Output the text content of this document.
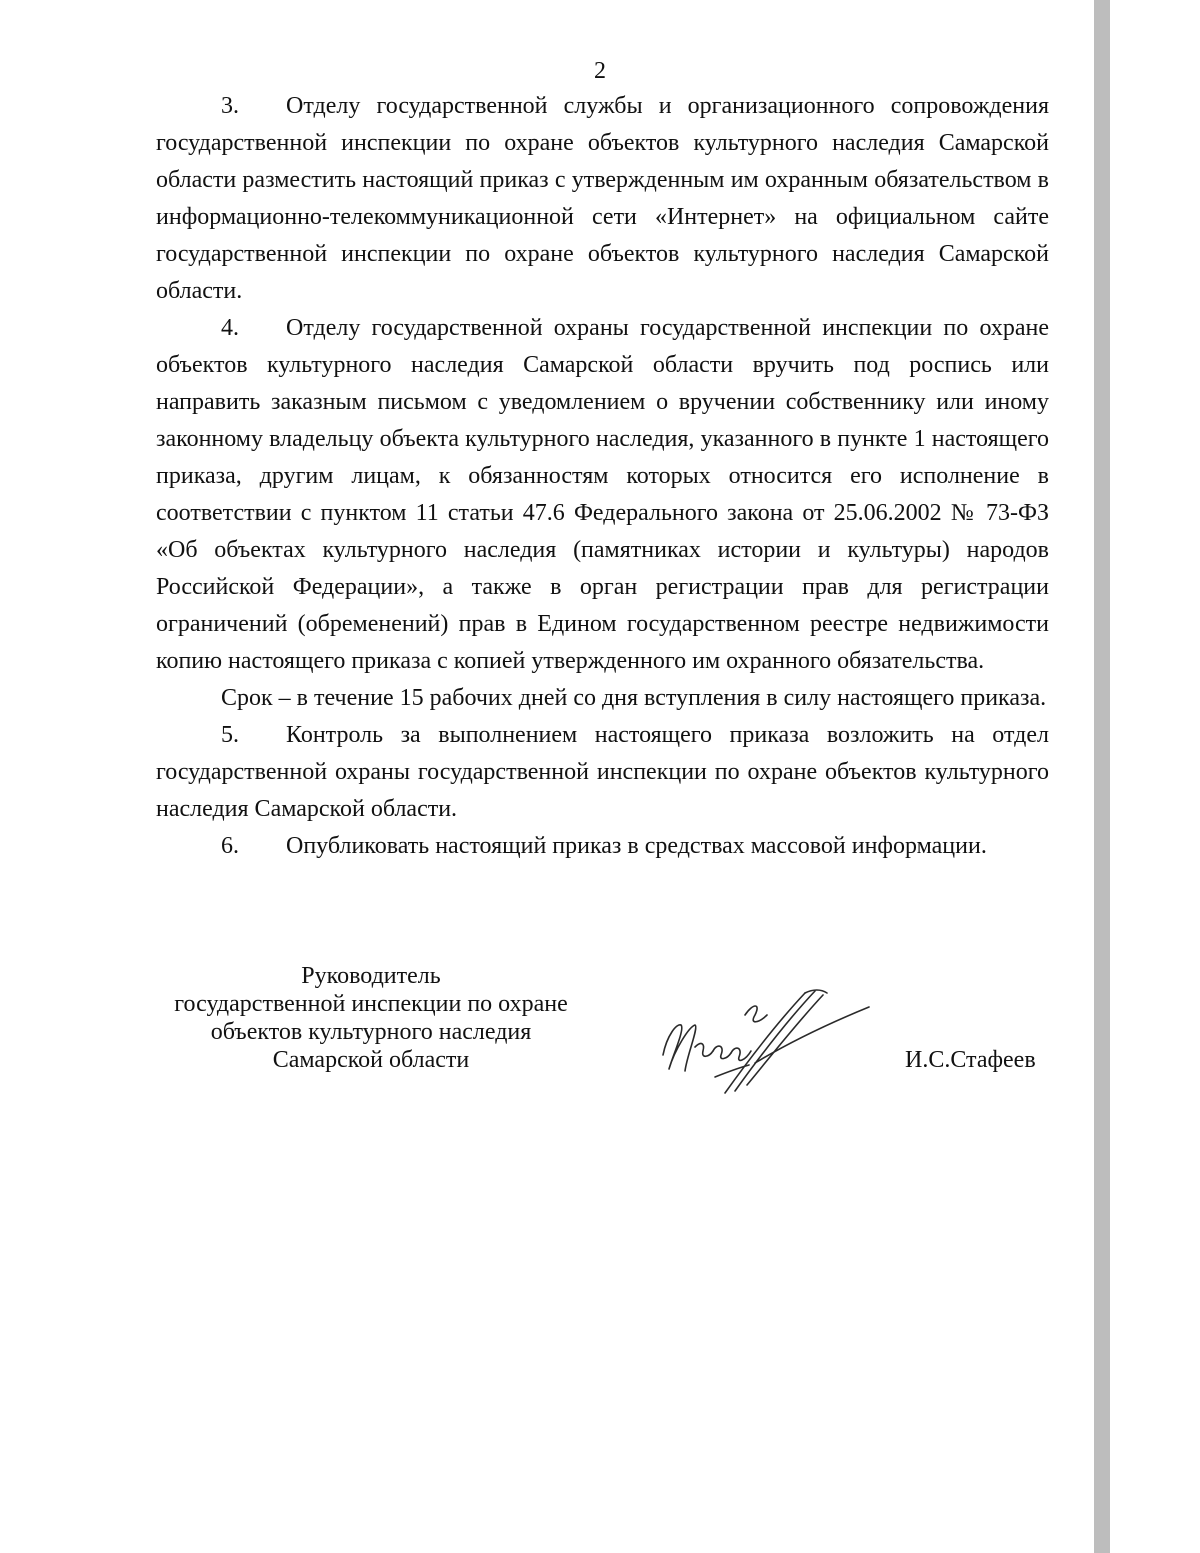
2

3. Отделу государственной службы и организационного сопровождения государственной инспекции по охране объектов культурного наследия Самарской области разместить настоящий приказ с утвержденным им охранным обязательством в информационно-телекоммуникационной сети «Интернет» на официальном сайте государственной инспекции по охране объектов культурного наследия Самарской области.

4. Отделу государственной охраны государственной инспекции по охране объектов культурного наследия Самарской области вручить под роспись или направить заказным письмом с уведомлением о вручении собственнику или иному законному владельцу объекта культурного наследия, указанного в пункте 1 настоящего приказа, другим лицам, к обязанностям которых относится его исполнение в соответствии с пунктом 11 статьи 47.6 Федерального закона от 25.06.2002 № 73-ФЗ «Об объектах культурного наследия (памятниках истории и культуры) народов Российской Федерации», а также в орган регистрации прав для регистрации ограничений (обременений) прав в Едином государственном реестре недвижимости копию настоящего приказа с копией утвержденного им охранного обязательства.

Срок – в течение 15 рабочих дней со дня вступления в силу настоящего приказа.

5. Контроль за выполнением настоящего приказа возложить на отдел государственной охраны государственной инспекции по охране объектов культурного наследия Самарской области.

6. Опубликовать настоящий приказ в средствах массовой информации.

Руководитель
государственной инспекции по охране
объектов культурного наследия
Самарской области	И.С.Стафеев
